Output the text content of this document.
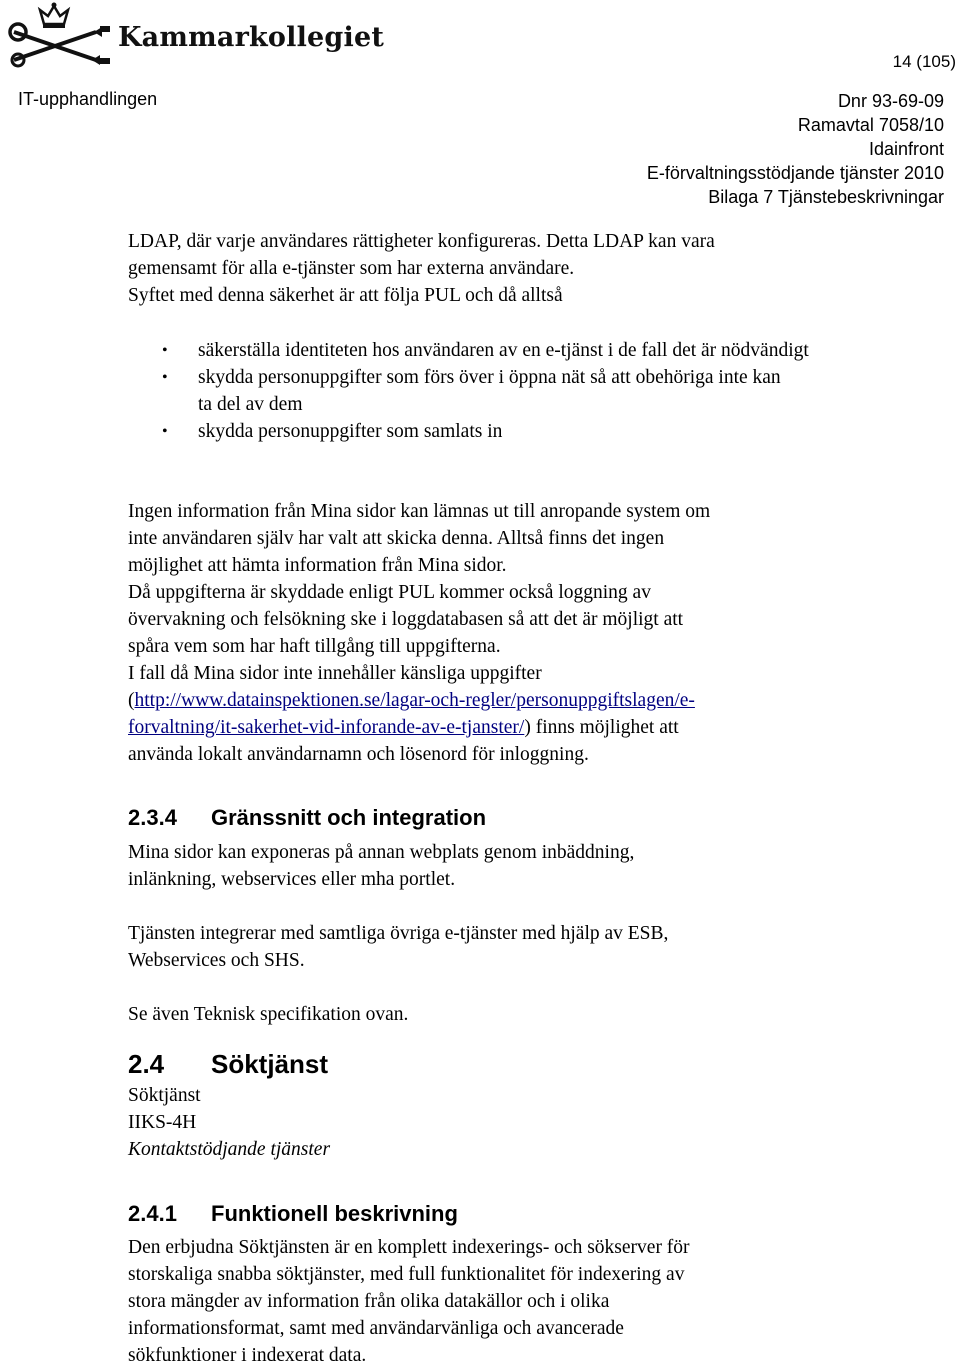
Kammarkollegiet
14 (105)
IT-upphandlingen	Dnr 93-69-09
Ramavtal 7058/10
Idainfront
E-förvaltningsstödjande tjänster 2010
Bilaga 7 Tjänstebeskrivningar

LDAP, där varje användares rättigheter konfigureras. Detta LDAP kan vara

gemensamt för alla e-tjänster som har externa användare.

Syftet med denna säkerhet är att följa PUL och då alltså

• säkerställa identiteten hos användaren av en e-tjänst i de fall det är nödvändigt
• skydda personuppgifter som förs över i öppna nät så att obehöriga inte kan ta del av dem
• skydda personuppgifter som samlats in

Ingen information från Mina sidor kan lämnas ut till anropande system om

inte användaren själv har valt att skicka denna. Alltså finns det ingen

möjlighet att hämta information från Mina sidor.

Då uppgifterna är skyddade enligt PUL kommer också loggning av

övervakning och felsökning ske i loggdatabasen så att det är möjligt att

spåra vem som har haft tillgång till uppgifterna.

I fall då Mina sidor inte innehåller känsliga uppgifter

(http://www.datainspektionen.se/lagar-och-regler/personuppgiftslagen/e-

forvaltning/it-sakerhet-vid-inforande-av-e-tjanster/) finns möjlighet att

använda lokalt användarnamn och lösenord för inloggning.

2.3.4 Gränssnitt och integration

Mina sidor kan exponeras på annan webplats genom inbäddning,

inlänkning, webservices eller mha portlet.

Tjänsten integrerar med samtliga övriga e-tjänster med hjälp av ESB,

Webservices och SHS.

Se även Teknisk specifikation ovan.

2.4 Söktjänst

Söktjänst

IIKS-4H

Kontaktstödjande tjänster

2.4.1 Funktionell beskrivning

Den erbjudna Söktjänsten är en komplett indexerings- och sökserver för

storskaliga snabba söktjänster, med full funktionalitet för indexering av

stora mängder av information från olika datakällor och i olika

informationsformat, samt med användarvänliga och avancerade

sökfunktioner i indexerat data.
